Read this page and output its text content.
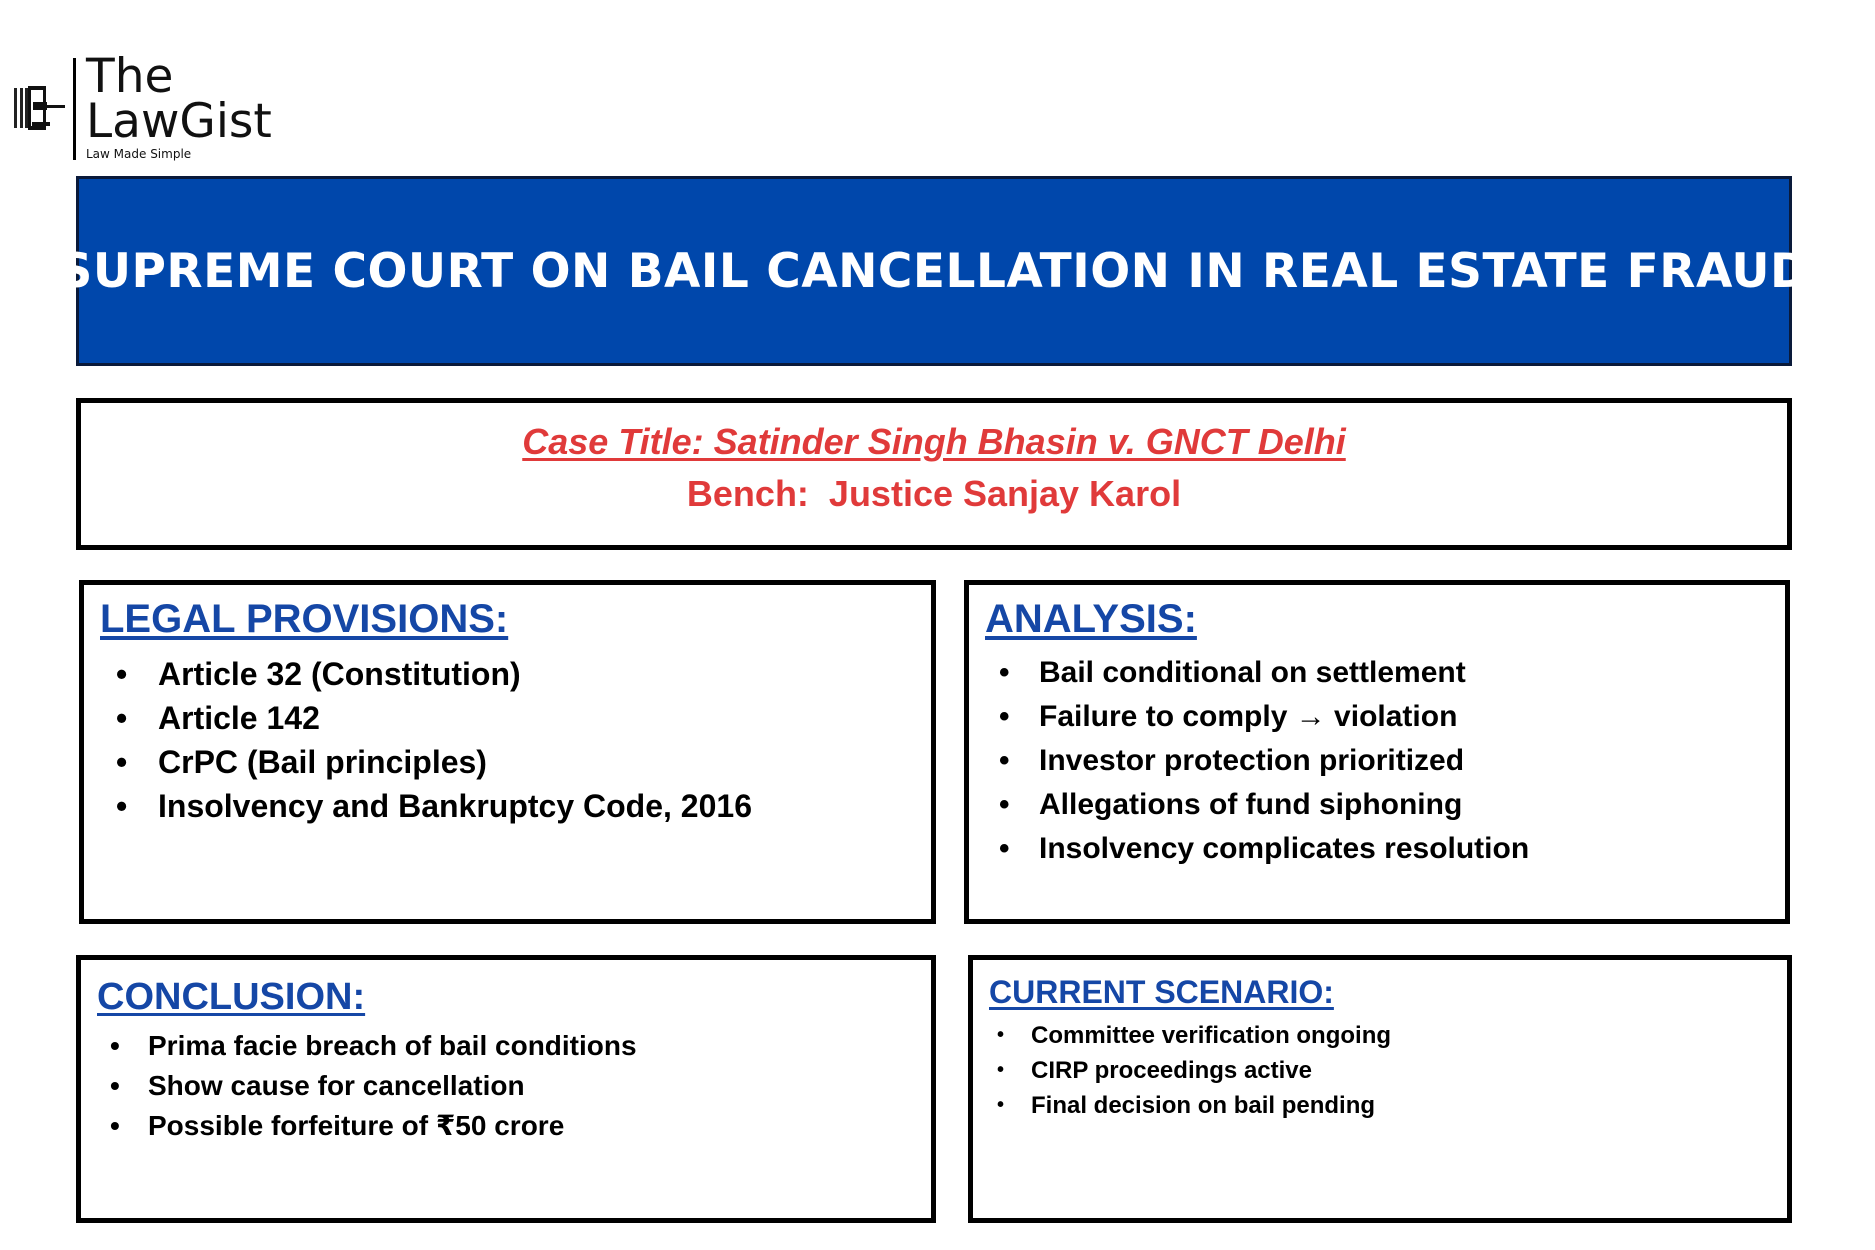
The
LawGist
Law Made Simple
SUPREME COURT ON BAIL CANCELLATION IN REAL ESTATE FRAUD
Case Title: Satinder Singh Bhasin v. GNCT Delhi
Bench:  Justice Sanjay Karol
LEGAL PROVISIONS:
• Article 32 (Constitution)
• Article 142
• CrPC (Bail principles)
• Insolvency and Bankruptcy Code, 2016
ANALYSIS:
• Bail conditional on settlement
• Failure to comply → violation
• Investor protection prioritized
• Allegations of fund siphoning
• Insolvency complicates resolution
CONCLUSION:
• Prima facie breach of bail conditions
• Show cause for cancellation
• Possible forfeiture of ₹50 crore
CURRENT SCENARIO:
• Committee verification ongoing
• CIRP proceedings active
• Final decision on bail pending
